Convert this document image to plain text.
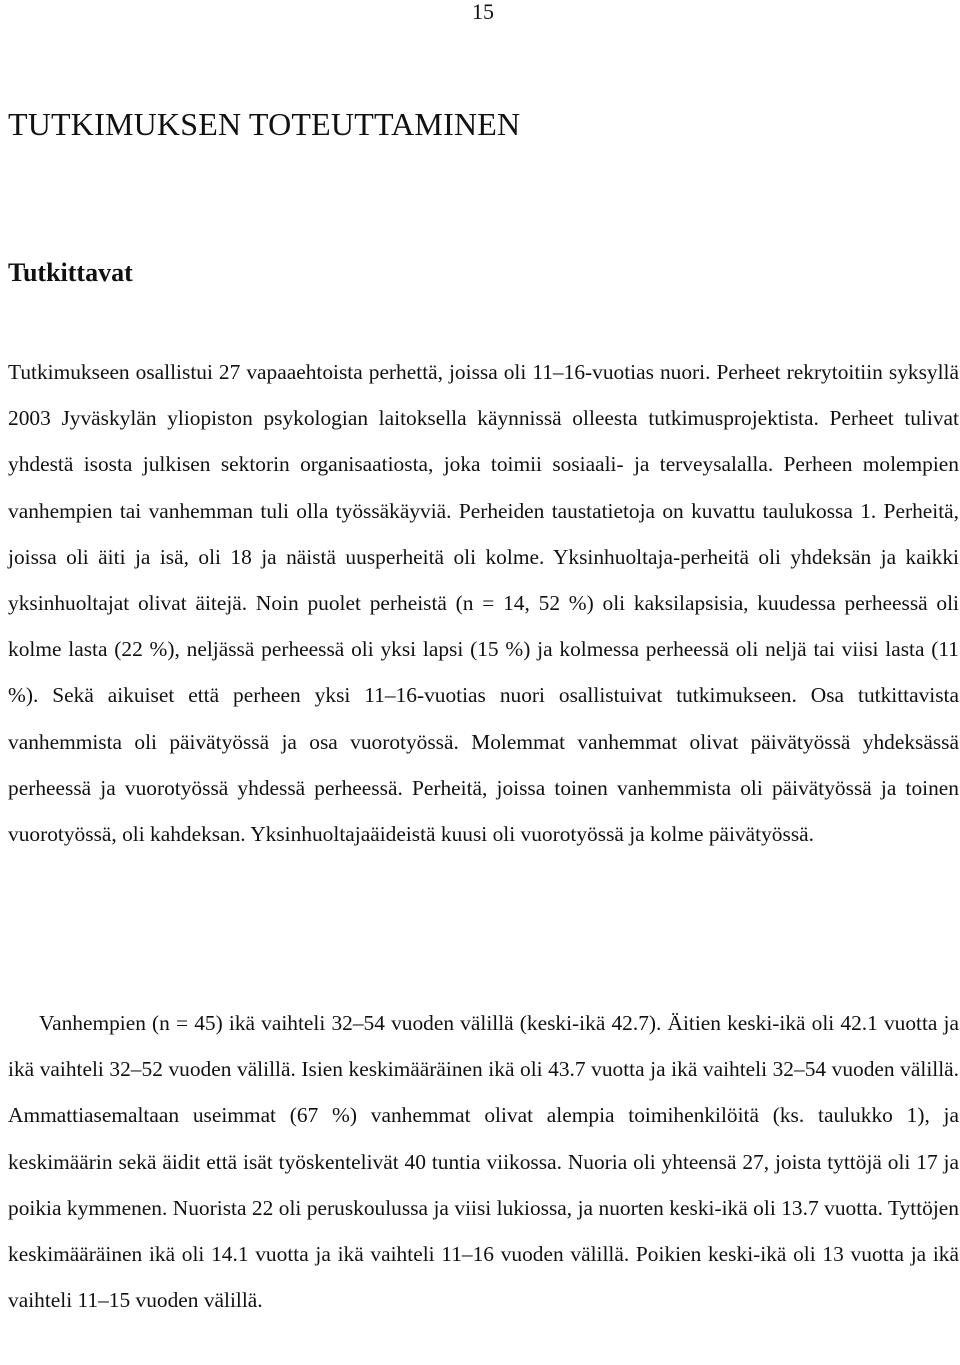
15
TUTKIMUKSEN TOTEUTTAMINEN
Tutkittavat

Tutkimukseen osallistui 27 vapaaehtoista perhettä, joissa oli 11–16-vuotias nuori. Perheet rekrytoitiin syksyllä 2003 Jyväskylän yliopiston psykologian laitoksella käynnissä olleesta tutkimusprojektista. Perheet tulivat yhdestä isosta julkisen sektorin organisaatiosta, joka toimii sosiaali- ja terveysalalla. Perheen molempien vanhempien tai vanhemman tuli olla työssäkäyviä. Perheiden taustatietoja on kuvattu taulukossa 1. Perheitä, joissa oli äiti ja isä, oli 18 ja näistä uusperheitä oli kolme. Yksinhuoltaja-perheitä oli yhdeksän ja kaikki yksinhuoltajat olivat äitejä. Noin puolet perheistä (n = 14, 52 %) oli kaksilapsisia, kuudessa perheessä oli kolme lasta (22 %), neljässä perheessä oli yksi lapsi (15 %) ja kolmessa perheessä oli neljä tai viisi lasta (11 %). Sekä aikuiset että perheen yksi 11–16-vuotias nuori osallistuivat tutkimukseen. Osa tutkittavista vanhemmista oli päivätyössä ja osa vuorotyössä. Molemmat vanhemmat olivat päivätyössä yhdeksässä perheessä ja vuorotyössä yhdessä perheessä. Perheitä, joissa toinen vanhemmista oli päivätyössä ja toinen vuorotyössä, oli kahdeksan. Yksinhuoltajaäideistä kuusi oli vuorotyössä ja kolme päivätyössä.

Vanhempien (n = 45) ikä vaihteli 32–54 vuoden välillä (keski-ikä 42.7). Äitien keski-ikä oli 42.1 vuotta ja ikä vaihteli 32–52 vuoden välillä. Isien keskimääräinen ikä oli 43.7 vuotta ja ikä vaihteli 32–54 vuoden välillä. Ammattiasemaltaan useimmat (67 %) vanhemmat olivat alempia toimihenkilöitä (ks. taulukko 1), ja keskimäärin sekä äidit että isät työskentelivät 40 tuntia viikossa. Nuoria oli yhteensä 27, joista tyttöjä oli 17 ja poikia kymmenen. Nuorista 22 oli peruskoulussa ja viisi lukiossa, ja nuorten keski-ikä oli 13.7 vuotta. Tyttöjen keskimääräinen ikä oli 14.1 vuotta ja ikä vaihteli 11–16 vuoden välillä. Poikien keski-ikä oli 13 vuotta ja ikä vaihteli 11–15 vuoden välillä.
